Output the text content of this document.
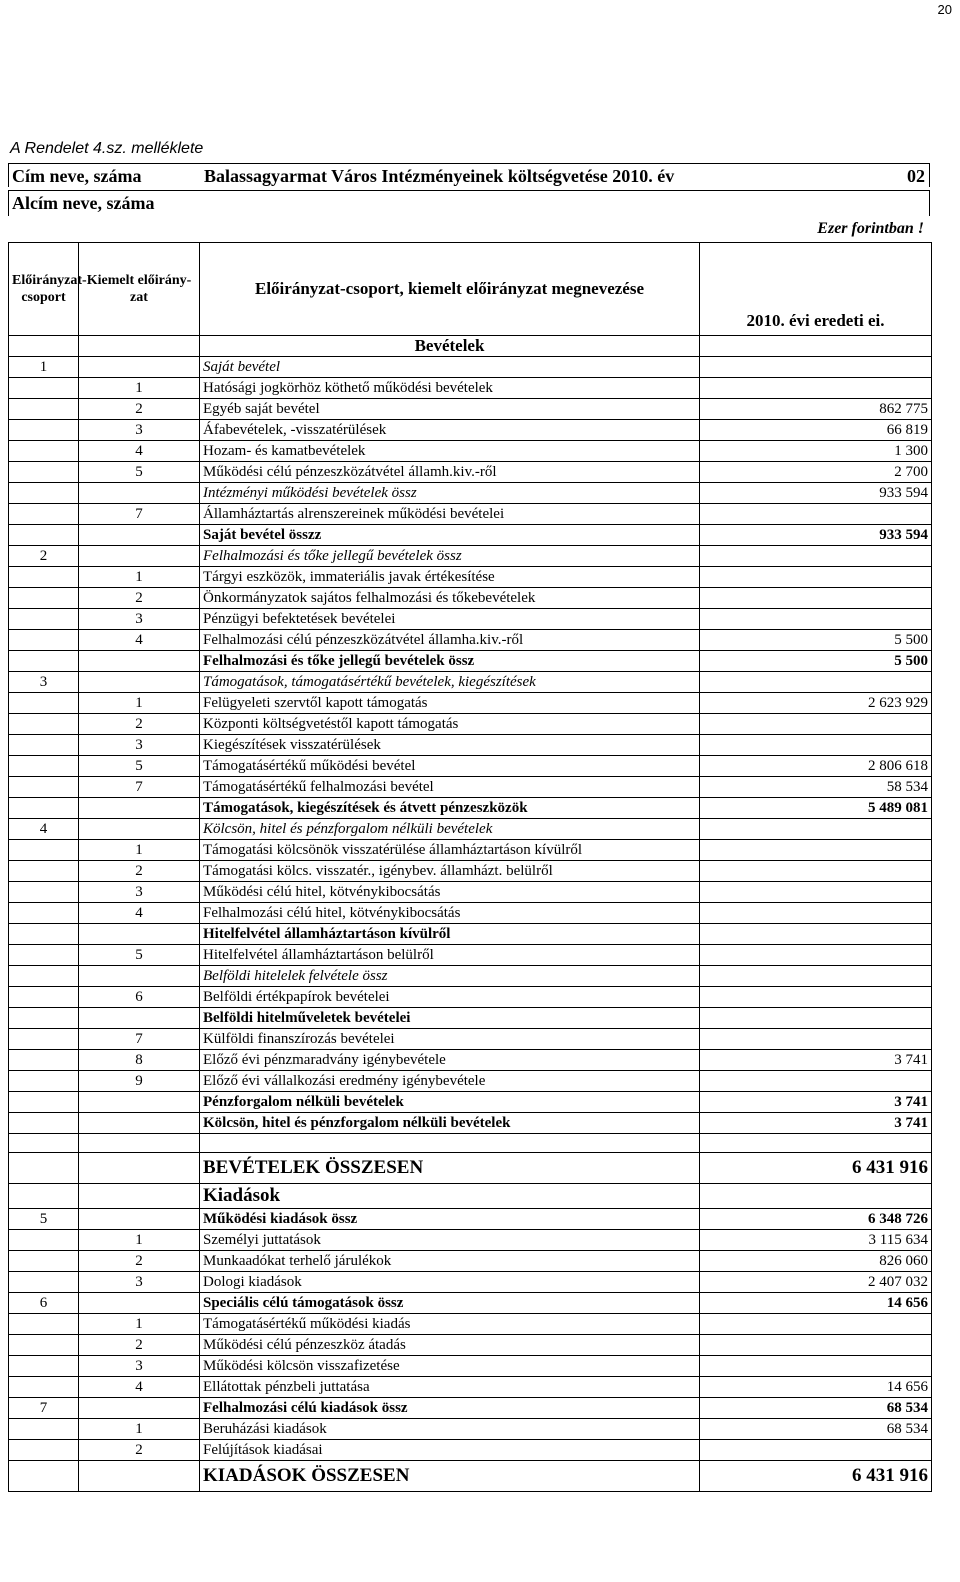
20
A Rendelet 4.sz. melléklete
Cím neve, száma	Balassagyarmat Város Intézményeinek költségvetése 2010. év	02
Alcím neve, száma
Ezer forintban !
Előirányzat-csoport	Kiemelt előirány-zat	Előirányzat-csoport, kiemelt előirányzat megnevezése	2010. évi eredeti ei.
		Bevételek	
1		Saját bevétel	
	1	Hatósági jogkörhöz köthető működési bevételek	
	2	Egyéb saját bevétel	862 775
	3	Áfabevételek, -visszatérülések	66 819
	4	Hozam- és kamatbevételek	1 300
	5	Működési célú pénzeszközátvétel államh.kiv.-ről	2 700
		Intézményi működési bevételek össz	933 594
	7	Államháztartás alrenszereinek működési bevételei	
		Saját bevétel összz	933 594
2		Felhalmozási és tőke jellegű bevételek össz	
	1	Tárgyi eszközök, immateriális javak értékesítése	
	2	Önkormányzatok sajátos felhalmozási és tőkebevételek	
	3	Pénzügyi befektetések bevételei	
	4	Felhalmozási célú pénzeszközátvétel államha.kiv.-ről	5 500
		Felhalmozási és tőke jellegű bevételek össz	5 500
3		Támogatások, támogatásértékű bevételek, kiegészítések	
	1	Felügyeleti szervtől kapott támogatás	2 623 929
	2	Központi költségvetéstől kapott támogatás	
	3	Kiegészítések visszatérülések	
	5	Támogatásértékű működési bevétel	2 806 618
	7	Támogatásértékű felhalmozási bevétel	58 534
		Támogatások, kiegészítések és átvett pénzeszközök	5 489 081
4		Kölcsön, hitel és pénzforgalom nélküli bevételek	
	1	Támogatási kölcsönök visszatérülése államháztartáson kívülről	
	2	Támogatási kölcs. visszatér., igénybev. államházt. belülről	
	3	Működési célú hitel, kötvénykibocsátás	
	4	Felhalmozási célú hitel, kötvénykibocsátás	
		Hitelfelvétel államháztartáson kívülről	
	5	Hitelfelvétel államháztartáson belülről	
		Belföldi hitelelek felvétele össz	
	6	Belföldi értékpapírok bevételei	
		Belföldi hitelműveletek bevételei	
	7	Külföldi finanszírozás bevételei	
	8	Előző évi pénzmaradvány igénybevétele	3 741
	9	Előző évi vállalkozási eredmény igénybevétele	
		Pénzforgalom nélküli bevételek	3 741
		Kölcsön, hitel és pénzforgalom nélküli bevételek	3 741

		BEVÉTELEK ÖSSZESEN	6 431 916
		Kiadások	
5		Működési kiadások össz	6 348 726
	1	Személyi juttatások	3 115 634
	2	Munkaadókat terhelő járulékok	826 060
	3	Dologi kiadások	2 407 032
6		Speciális célú támogatások össz	14 656
	1	Támogatásértékű működési kiadás	
	2	Működési célú pénzeszköz átadás	
	3	Működési kölcsön visszafizetése	
	4	Ellátottak pénzbeli juttatása	14 656
7		Felhalmozási célú kiadások össz	68 534
	1	Beruházási kiadások	68 534
	2	Felújítások kiadásai	
		KIADÁSOK ÖSSZESEN	6 431 916
